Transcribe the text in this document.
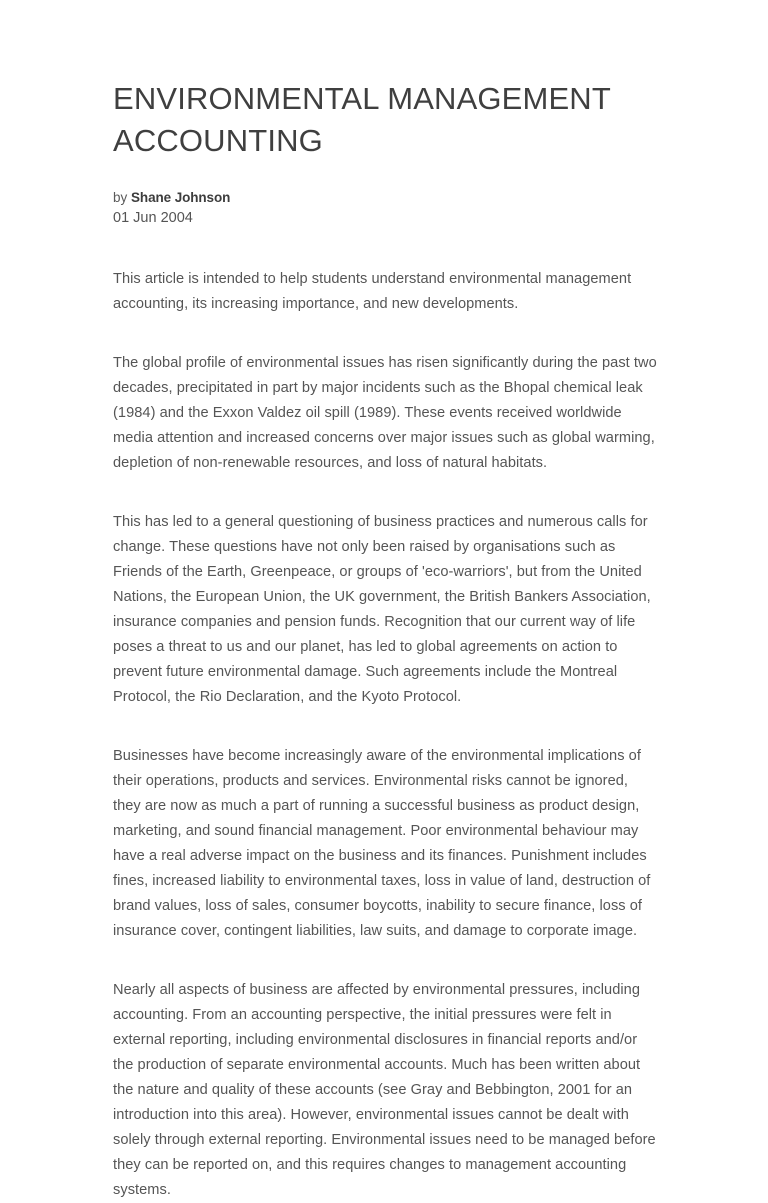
ENVIRONMENTAL MANAGEMENT ACCOUNTING
by Shane Johnson
01 Jun 2004

This article is intended to help students understand environmental management accounting, its increasing importance, and new developments.

The global profile of environmental issues has risen significantly during the past two decades, precipitated in part by major incidents such as the Bhopal chemical leak (1984) and the Exxon Valdez oil spill (1989). These events received worldwide media attention and increased concerns over major issues such as global warming, depletion of non-renewable resources, and loss of natural habitats.

This has led to a general questioning of business practices and numerous calls for change. These questions have not only been raised by organisations such as Friends of the Earth, Greenpeace, or groups of 'eco-warriors', but from the United Nations, the European Union, the UK government, the British Bankers Association, insurance companies and pension funds. Recognition that our current way of life poses a threat to us and our planet, has led to global agreements on action to prevent future environmental damage. Such agreements include the Montreal Protocol, the Rio Declaration, and the Kyoto Protocol.

Businesses have become increasingly aware of the environmental implications of their operations, products and services. Environmental risks cannot be ignored, they are now as much a part of running a successful business as product design, marketing, and sound financial management. Poor environmental behaviour may have a real adverse impact on the business and its finances. Punishment includes fines, increased liability to environmental taxes, loss in value of land, destruction of brand values, loss of sales, consumer boycotts, inability to secure finance, loss of insurance cover, contingent liabilities, law suits, and damage to corporate image.

Nearly all aspects of business are affected by environmental pressures, including accounting. From an accounting perspective, the initial pressures were felt in external reporting, including environmental disclosures in financial reports and/or the production of separate environmental accounts. Much has been written about the nature and quality of these accounts (see Gray and Bebbington, 2001 for an introduction into this area). However, environmental issues cannot be dealt with solely through external reporting. Environmental issues need to be managed before they can be reported on, and this requires changes to management accounting systems.
